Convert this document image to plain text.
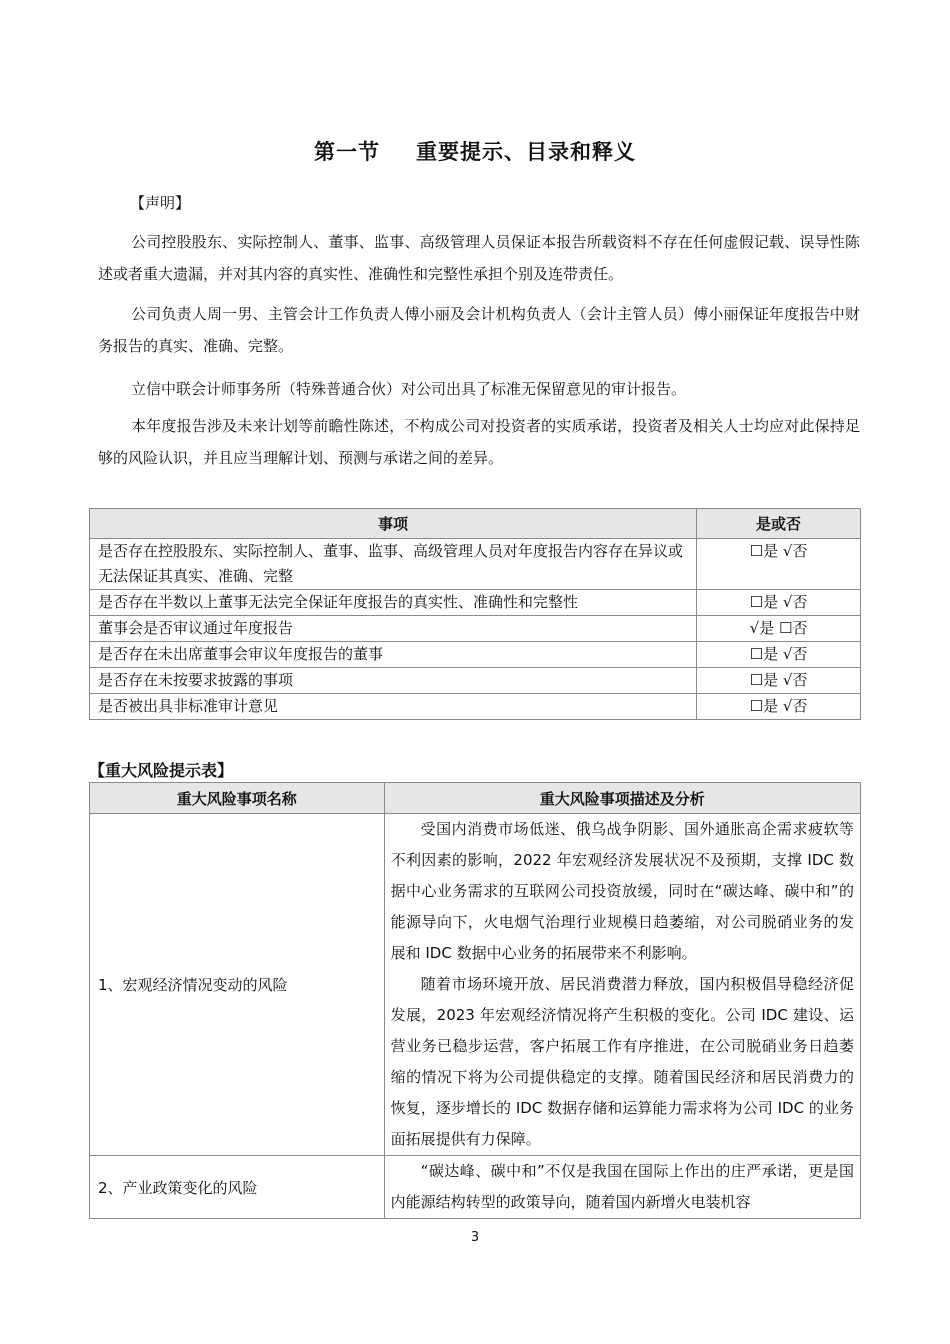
第一节 重要提示、目录和释义
【声明】
公司控股股东、实际控制人、董事、监事、高级管理人员保证本报告所载资料不存在任何虚假记载、误导性陈述或者重大遗漏，并对其内容的真实性、准确性和完整性承担个别及连带责任。
公司负责人周一男、主管会计工作负责人傅小丽及会计机构负责人（会计主管人员）傅小丽保证年度报告中财务报告的真实、准确、完整。
立信中联会计师事务所（特殊普通合伙）对公司出具了标准无保留意见的审计报告。
本年度报告涉及未来计划等前瞻性陈述，不构成公司对投资者的实质承诺，投资者及相关人士均应对此保持足够的风险认识，并且应当理解计划、预测与承诺之间的差异。
事项	是或否
是否存在控股股东、实际控制人、董事、监事、高级管理人员对年度报告内容存在异议或无法保证其真实、准确、完整	☐是 √否
是否存在半数以上董事无法完全保证年度报告的真实性、准确性和完整性	☐是 √否
董事会是否审议通过年度报告	√是 ☐否
是否存在未出席董事会审议年度报告的董事	☐是 √否
是否存在未按要求披露的事项	☐是 √否
是否被出具非标准审计意见	☐是 √否
【重大风险提示表】
重大风险事项名称	重大风险事项描述及分析
1、宏观经济情况变动的风险	受国内消费市场低迷、俄乌战争阴影、国外通胀高企需求疲软等不利因素的影响，2022 年宏观经济发展状况不及预期，支撑 IDC 数据中心业务需求的互联网公司投资放缓，同时在“碳达峰、碳中和”的能源导向下，火电烟气治理行业规模日趋萎缩，对公司脱硝业务的发展和 IDC 数据中心业务的拓展带来不利影响。

随着市场环境开放、居民消费潜力释放，国内积极倡导稳经济促发展，2023 年宏观经济情况将产生积极的变化。公司 IDC 建设、运营业务已稳步运营，客户拓展工作有序推进，在公司脱硝业务日趋萎缩的情况下将为公司提供稳定的支撑。随着国民经济和居民消费力的恢复，逐步增长的 IDC 数据存储和运算能力需求将为公司 IDC 的业务面拓展提供有力保障。

2、产业政策变化的风险	“碳达峰、碳中和”不仅是我国在国际上作出的庄严承诺，更是国内能源结构转型的政策导向，随着国内新增火电装机容

3
